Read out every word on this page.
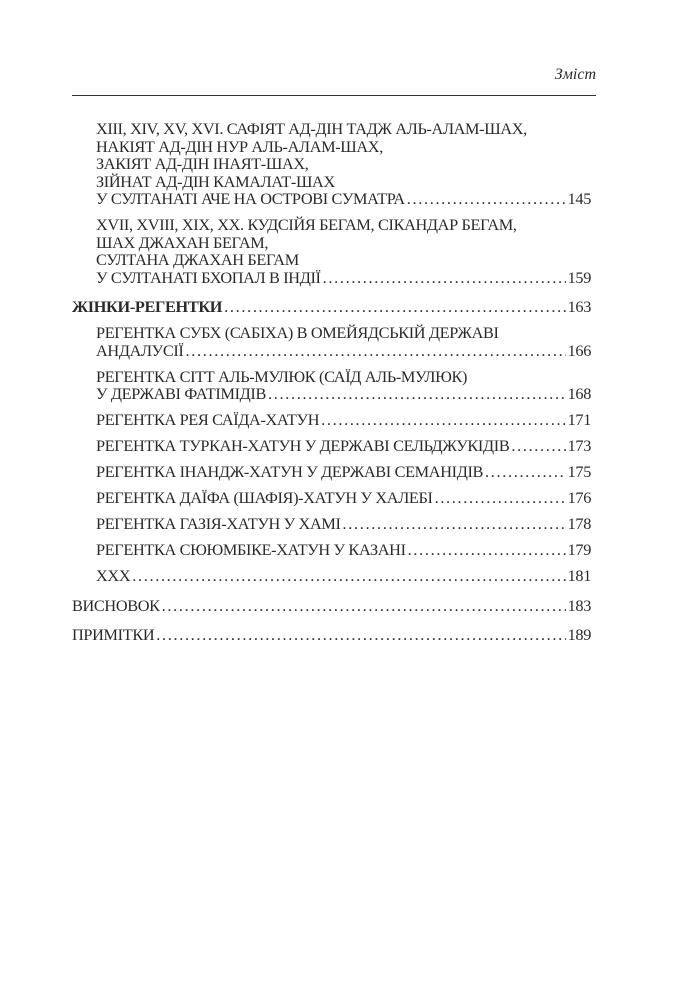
Зміст
XIII, XIV, XV, XVI. САФІЯТ АД-ДІН ТАДЖ АЛЬ-АЛАМ-ШАХ,
НАКІЯТ АД-ДІН НУР АЛЬ-АЛАМ-ШАХ,
ЗАКІЯТ АД-ДІН ІНАЯТ-ШАХ,
ЗІЙНАТ АД-ДІН КАМАЛАТ-ШАХ
У СУЛТАНАТІ АЧЕ НА ОСТРОВІ СУМАТРА . . .	145
XVII, XVIII, XIX, XX. КУДСІЙЯ БЕГАМ, СІКАНДАР БЕГАМ,
ШАХ ДЖАХАН БЕГАМ,
СУЛТАНА ДЖАХАН БЕГАМ
У СУЛТАНАТІ БХОПАЛ В ІНДІЇ . . .	159
ЖІНКИ-РЕГЕНТКИ . . .	163
РЕГЕНТКА СУБХ (САБІХА) В ОМЕЙЯДСЬКІЙ ДЕРЖАВІ
АНДАЛУСІЇ . . .	166
РЕГЕНТКА СІТТ АЛЬ-МУЛЮК (САЇД АЛЬ-МУЛЮК)
У ДЕРЖАВІ ФАТІМІДІВ . . .	168
РЕГЕНТКА РЕЯ САЇДА-ХАТУН . . .	171
РЕГЕНТКА ТУРКАН-ХАТУН У ДЕРЖАВІ СЕЛЬДЖУКІДІВ . . .	173
РЕГЕНТКА ІНАНДЖ-ХАТУН У ДЕРЖАВІ СЕМАНІДІВ . . .	175
РЕГЕНТКА ДАЇФА (ШАФІЯ)-ХАТУН У ХАЛЕБІ . . .	176
РЕГЕНТКА ГАЗІЯ-ХАТУН У ХАМІ . . .	178
РЕГЕНТКА СЮЮМБІКЕ-ХАТУН У КАЗАНІ . . .	179
ХХХ . . .	181
ВИСНОВОК . . .	183
ПРИМІТКИ . . .	189
